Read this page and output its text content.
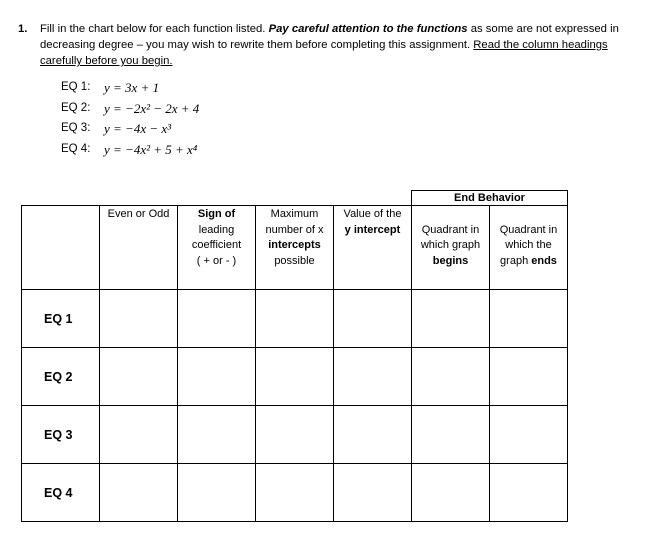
1. Fill in the chart below for each function listed. Pay careful attention to the functions as some are not expressed in decreasing degree – you may wish to rewrite them before completing this assignment. Read the column headings carefully before you begin.
EQ 1:	y = 3x + 1
EQ 2:	y = −2x² − 2x + 4
EQ 3:	y = −4x − x³
EQ 4:	y = −4x² + 5 + x⁴
					End Behavior	
	Even or Odd	Sign of
leading
coefficient
( + or - )	Maximum
number of x
intercepts
possible	Value of the
y intercept	Quadrant in
which graph
begins	Quadrant in
which the
graph ends
EQ 1						
EQ 2						
EQ 3						
EQ 4						
